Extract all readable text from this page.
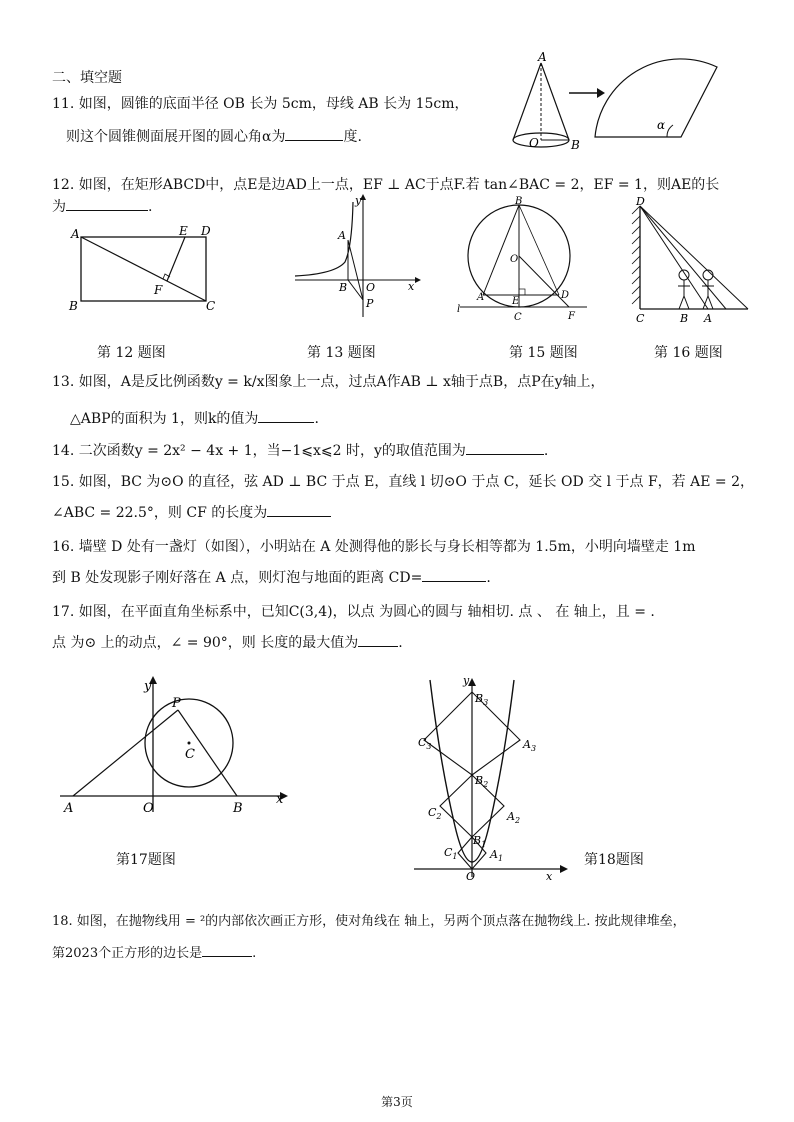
二、填空题
11. 如图，圆锥的底面半径 OB 长为 5cm，母线 AB 长为 15cm，
则这个圆锥侧面展开图的圆心角α为	度.
A
O	B
α
12. 如图，在矩形ABCD中，点E是边AD上一点，EF ⊥ AC于点F.若 tan∠BAC = 2，EF = 1，则AE的长
为	.
A
B	C
D
E
F
第 12 题图
y
x
A
B O
P
第 13 题图
B
O
A	E
D
C	F
l
第 15 题图
D
C	B A
第 16 题图
13. 如图，A是反比例函数y = k/x图象上一点，过点A作AB ⊥ x轴于点B，点P在y轴上，
△ABP的面积为 1，则k的值为	.
14. 二次函数y = 2x² − 4x + 1，当−1⩽x⩽2 时，y的取值范围为	.
15. 如图，BC 为⊙O 的直径，弦 AD ⊥ BC 于点 E，直线 l 切⊙O 于点 C，延长 OD 交 l 于点 F，若 AE = 2，
∠ABC = 22.5°，则 CF 的长度为
16. 墙壁 D 处有一盏灯（如图），小明站在 A 处测得他的影长与身长相等都为 1.5m，小明向墙壁走 1m
到 B 处发现影子刚好落在 A 点，则灯泡与地面的距离 CD=	.
17. 如图，在平面直角坐标系中，已知C(3,4)，以点 为圆心的圆与 轴相切. 点 、 在 轴上，且 = .
点 为⊙ 上的动点，∠ = 90°，则 长度的最大值为	.
y
x
P
C
A	O	B
第17题图
O
y
x
$B_1$
$B_2$
$B_3$
$A_1$
$A_2$
$A_3$
$C_1$
$C_2$
$C_3$
第18题图
18. 如图，在抛物线用 = ²的内部依次画正方形，使对角线在 轴上，另两个顶点落在抛物线上. 按此规律堆垒，
第2023个正方形的边长是	.
第3页
